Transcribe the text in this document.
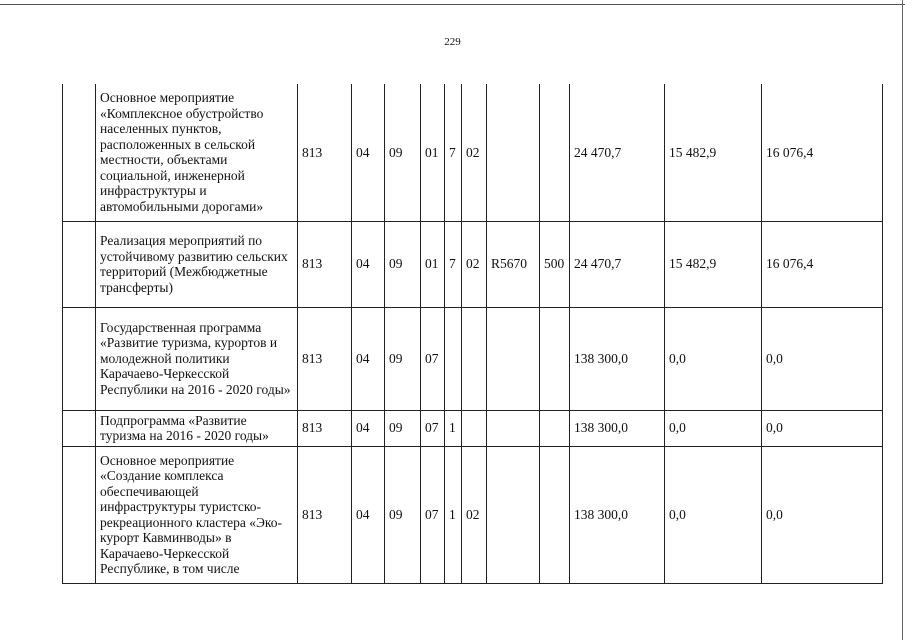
229
	Основное мероприятие «Комплексное обустройство населенных пунктов, расположенных в сельской местности, объектами социальной, инженерной инфраструктуры и автомобильными дорогами»	813	04	09	01	7	02			24 470,7	15 482,9	16 076,4
	Реализация мероприятий по устойчивому развитию сельских территорий (Межбюджетные трансферты)	813	04	09	01	7	02	R5670	500	24 470,7	15 482,9	16 076,4
	Государственная программа «Развитие туризма, курортов и молодежной политики Карачаево-Черкесской Республики на 2016 - 2020 годы»	813	04	09	07					138 300,0	0,0	0,0
	Подпрограмма «Развитие туризма на 2016 - 2020 годы»	813	04	09	07	1				138 300,0	0,0	0,0
	Основное мероприятие «Создание комплекса обеспечивающей инфраструктуры туристско-рекреационного кластера «Эко-курорт Кавминводы» в Карачаево-Черкесской Республике, в том числе	813	04	09	07	1	02			138 300,0	0,0	0,0
